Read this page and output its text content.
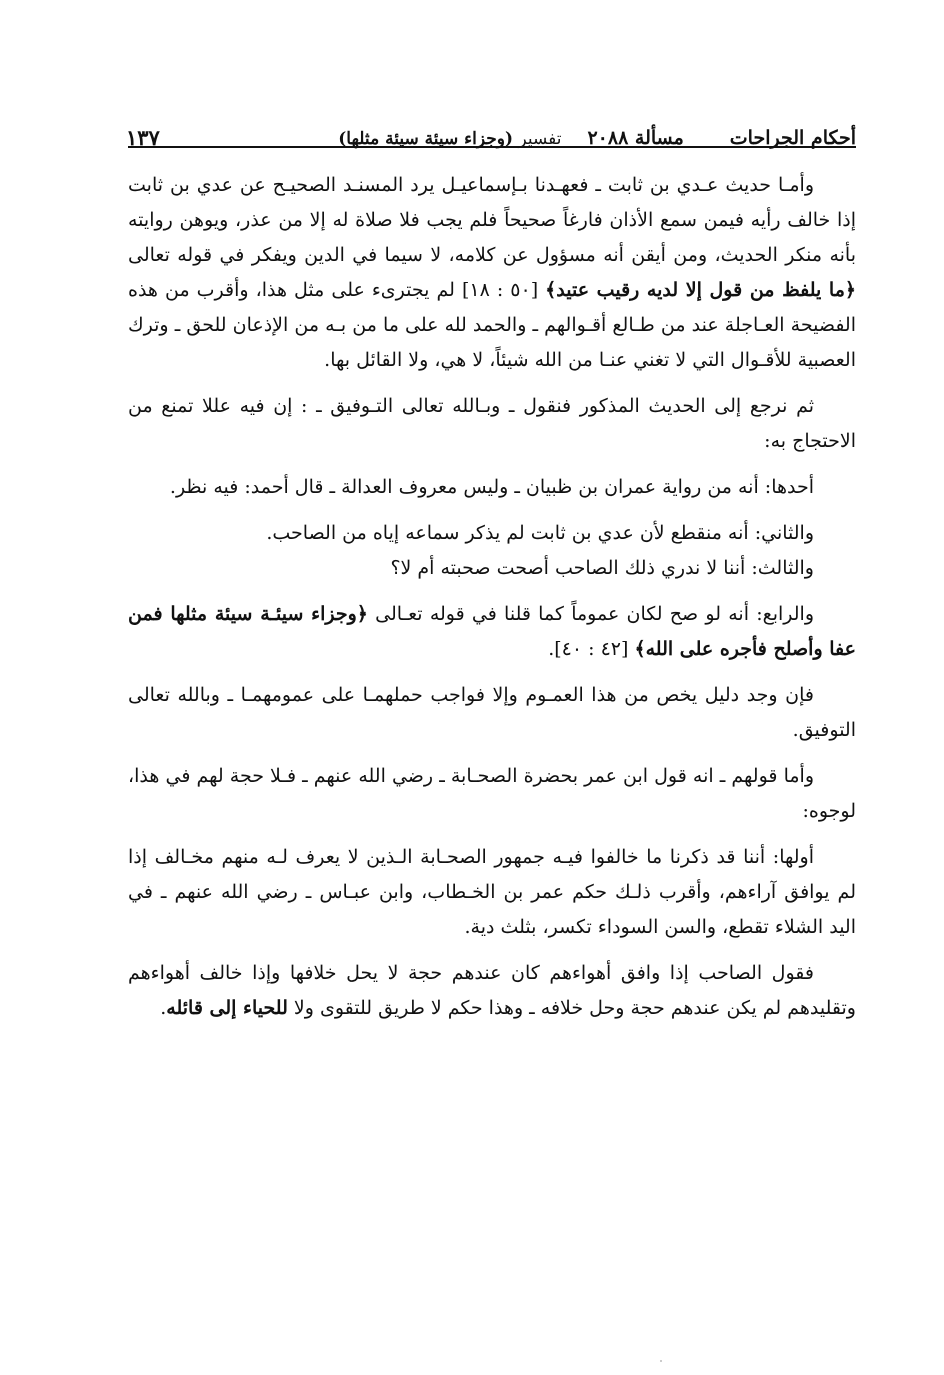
أحكام الجراحات
مسألة ٢٠٨٨
تفسير (وجزاء سيئة سيئة مثلها)
١٣٧

وأمـا حديث عـدي بن ثابت ـ فعهـدنا بـإسماعيـل يرد المسنـد الصحيـح عن عدي بن ثابت إذا خالف رأيه فيمن سمع الأذان فارغاً صحيحاً فلم يجب فلا صلاة له إلا من عذر، ويوهن روايته بأنه منكر الحديث، ومن أيقن أنه مسؤول عن كلامه، لا سيما في الدين ويفكر في قوله تعالى ﴿ما يلفظ من قول إلا لديه رقيب عتيد﴾ [٥٠ : ١٨] لم يجترىء على مثل هذا، وأقرب من هذه الفضيحة العـاجلة عند من طـالع أقـوالهم ـ والحمد لله على ما من بـه من الإذعان للحق ـ وترك العصبية للأقـوال التي لا تغني عنـا من الله شيئاً، لا هي، ولا القائل بها.

ثم نرجع إلى الحديث المذكور فنقول ـ وبـالله تعالى التـوفيق ـ : إن فيه عللا تمنع من الاحتجاج به:

أحدها: أنه من رواية عمران بن ظبيان ـ وليس معروف العدالة ـ قال أحمد: فيه نظر.

والثاني: أنه منقطع لأن عدي بن ثابت لم يذكر سماعه إياه من الصاحب.

والثالث: أننا لا ندري ذلك الصاحب أصحت صحبته أم لا؟

والرابع: أنه لو صح لكان عموماً كما قلنا في قوله تعـالى ﴿وجزاء سيئـة سيئة مثلها فمن عفا وأصلح فأجره على الله﴾ [٤٢ : ٤٠].

فإن وجد دليل يخص من هذا العمـوم وإلا فواجب حملهمـا على عمومهمـا ـ وبالله تعالى التوفيق.

وأما قولهم ـ انه قول ابن عمر بحضرة الصحـابة ـ رضي الله عنهم ـ فـلا حجة لهم في هذا، لوجوه:

أولها: أننا قد ذكرنا ما خالفوا فيـه جمهور الصحـابة الـذين لا يعرف لـه منهم مخـالف إذا لم يوافق آراءهم، وأقرب ذلـك حكم عمر بن الخـطاب، وابن عبـاس ـ رضي الله عنهم ـ في اليد الشلاء تقطع، والسن السوداء تكسر، بثلث دية.

فقول الصاحب إذا وافق أهواءهم كان عندهم حجة لا يحل خلافها وإذا خالف أهواءهم وتقليدهم لم يكن عندهم حجة وحل خلافه ـ وهذا حكم لا طريق للتقوى ولا للحياء إلى قائله.
